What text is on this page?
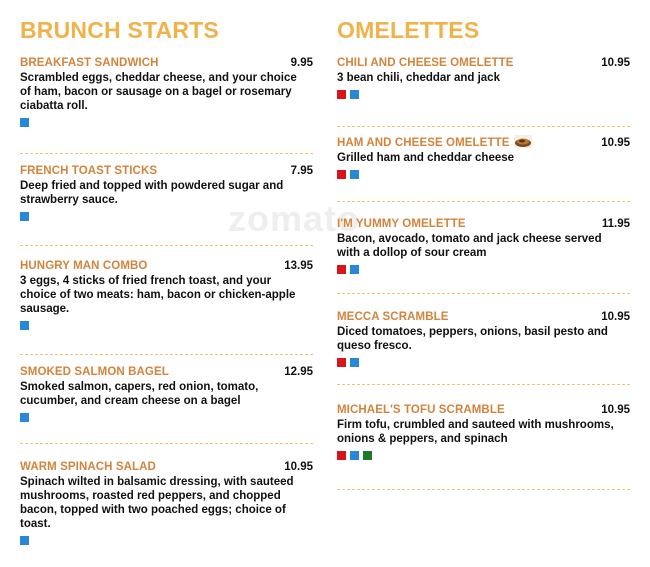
zomato
BRUNCH STARTS
BREAKFAST SANDWICH	9.95
Scrambled eggs, cheddar cheese, and your choice of ham, bacon or sausage on a bagel or rosemary ciabatta roll.
FRENCH TOAST STICKS	7.95
Deep fried and topped with powdered sugar and strawberry sauce.
HUNGRY MAN COMBO	13.95
3 eggs, 4 sticks of fried french toast, and your choice of two meats: ham, bacon or chicken-apple sausage.
SMOKED SALMON BAGEL	12.95
Smoked salmon, capers, red onion, tomato, cucumber, and cream cheese on a bagel
WARM SPINACH SALAD	10.95
Spinach wilted in balsamic dressing, with sauteed mushrooms, roasted red peppers, and chopped bacon, topped with two poached eggs; choice of toast.
OMELETTES
CHILI AND CHEESE OMELETTE	10.95
3 bean chili, cheddar and jack
HAM AND CHEESE OMELETTE	10.95
Grilled ham and cheddar cheese
I'M YUMMY OMELETTE	11.95
Bacon, avocado, tomato and jack cheese served with a dollop of sour cream
MECCA SCRAMBLE	10.95
Diced tomatoes, peppers, onions, basil pesto and queso fresco.
MICHAEL'S TOFU SCRAMBLE	10.95
Firm tofu, crumbled and sauteed with mushrooms, onions & peppers, and spinach
